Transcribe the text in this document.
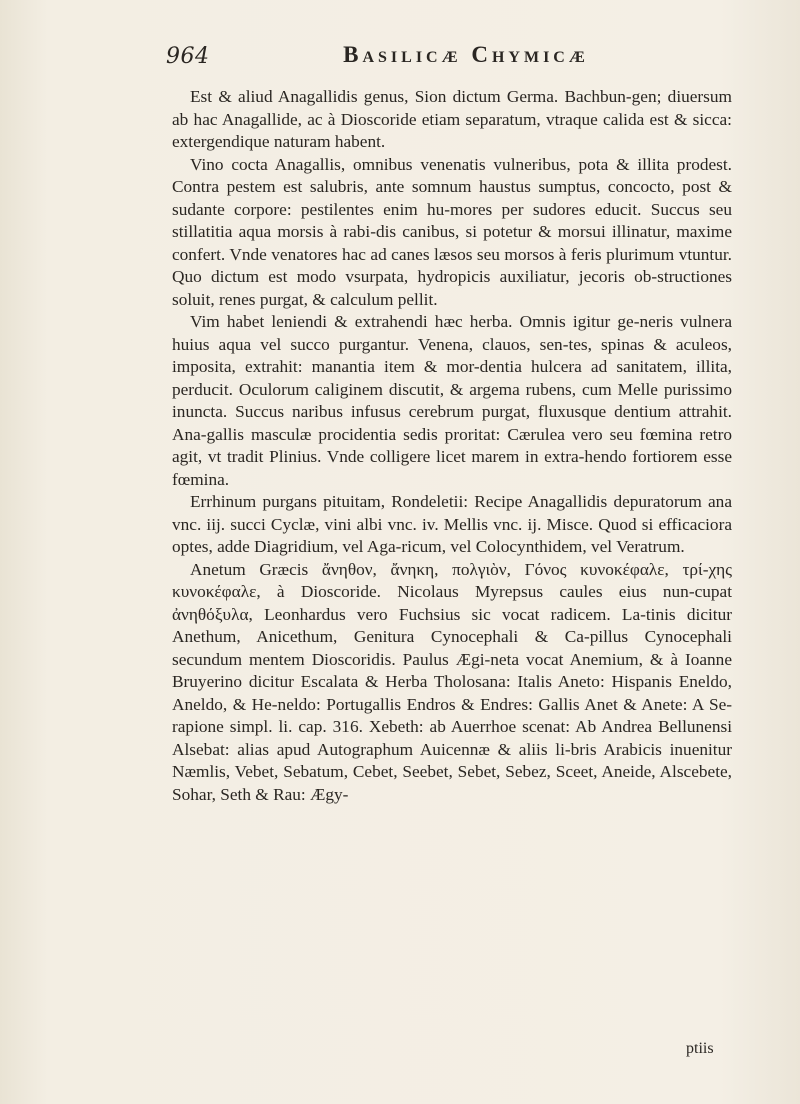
964	Basilicæ Chymicæ

Est & aliud Anagallidis genus, Sion dictum Germa. Bachbun-gen; diuersum ab hac Anagallide, ac à Dioscoride etiam separatum, vtraque calida est & sicca: extergendique naturam habent.

Vino cocta Anagallis, omnibus venenatis vulneribus, pota & illita prodest. Contra pestem est salubris, ante somnum haustus sumptus, concocto, post & sudante corpore: pestilentes enim hu-mores per sudores educit. Succus seu stillatitia aqua morsis à rabi-dis canibus, si potetur & morsui illinatur, maxime confert. Vnde venatores hac ad canes læsos seu morsos à feris plurimum vtuntur. Quo dictum est modo vsurpata, hydropicis auxiliatur, jecoris ob-structiones soluit, renes purgat, & calculum pellit.

Vim habet leniendi & extrahendi hæc herba. Omnis igitur ge-neris vulnera huius aqua vel succo purgantur. Venena, clauos, sen-tes, spinas & aculeos, imposita, extrahit: manantia item & mor-dentia hulcera ad sanitatem, illita, perducit. Oculorum caliginem discutit, & argema rubens, cum Melle purissimo inuncta. Succus naribus infusus cerebrum purgat, fluxusque dentium attrahit. Ana-gallis masculæ procidentia sedis proritat: Cærulea vero seu fœmina retro agit, vt tradit Plinius. Vnde colligere licet marem in extra-hendo fortiorem esse fœmina.

Errhinum purgans pituitam, Rondeletii: Recipe Anagallidis depuratorum ana vnc. iij. succi Cyclæ, vini albi vnc. iv. Mellis vnc. ij. Misce. Quod si efficaciora optes, adde Diagridium, vel Aga-ricum, vel Colocynthidem, vel Veratrum.

Anetum Græcis ἄνηθον, ἄνηκη, πολγιὸν, Γόνος κυνοκέφαλε, τρί-χης κυνοκέφαλε, à Dioscoride. Nicolaus Myrepsus caules eius nun-cupat ἀνηθόξυλα, Leonhardus vero Fuchsius sic vocat radicem. La-tinis dicitur Anethum, Anicethum, Genitura Cynocephali & Ca-pillus Cynocephali secundum mentem Dioscoridis. Paulus Ægi-neta vocat Anemium, & à Ioanne Bruyerino dicitur Escalata & Herba Tholosana: Italis Aneto: Hispanis Eneldo, Aneldo, & He-neldo: Portugallis Endros & Endres: Gallis Anet & Anete: A Se-rapione simpl. li. cap. 316. Xebeth: ab Auerrhoe scenat: Ab Andrea Bellunensi Alsebat: alias apud Autographum Auicennæ & aliis li-bris Arabicis inuenitur Næmlis, Vebet, Sebatum, Cebet, Seebet, Sebet, Sebez, Sceet, Aneide, Alscebete, Sohar, Seth & Rau: Ægy-

ptiis
